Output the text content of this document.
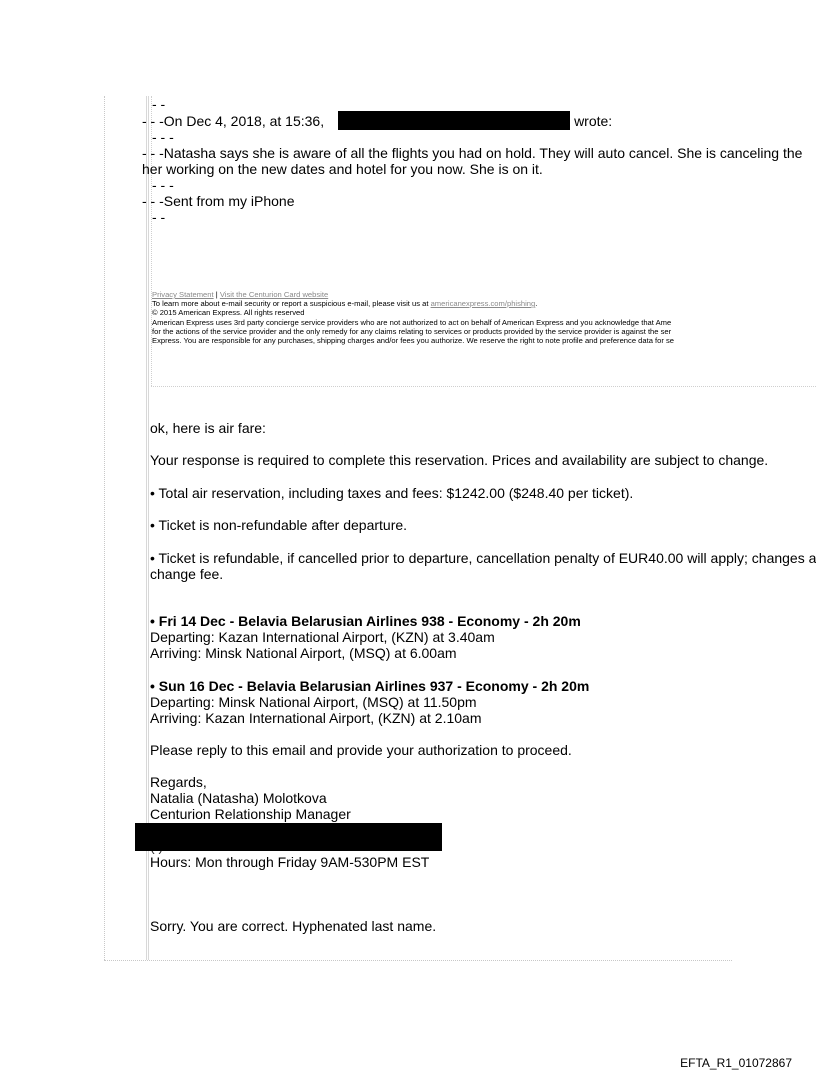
- -
- - -On Dec 4, 2018, at 15:36,	> wrote:
- - -
- - -Natasha says she is aware of all the flights you had on hold. They will auto cancel. She is canceling the
her working on the new dates and hotel for you now. She is on it.
- - -
- - -Sent from my iPhone
- -
Privacy Statement | Visit the Centurion Card website
To learn more about e-mail security or report a suspicious e-mail, please visit us at americanexpress.com/phishing.
© 2015 American Express. All rights reserved
American Express uses 3rd party concierge service providers who are not authorized to act on behalf of American Express and you acknowledge that Ame
for the actions of the service provider and the only remedy for any claims relating to services or products provided by the service provider is against the ser
Express. You are responsible for any purchases, shipping charges and/or fees you authorize. We reserve the right to note profile and preference data for se
ok, here is air fare:
Your response is required to complete this reservation. Prices and availability are subject to change.
• Total air reservation, including taxes and fees: $1242.00 ($248.40 per ticket).
• Ticket is non-refundable after departure.
• Ticket is refundable, if cancelled prior to departure, cancellation penalty of EUR40.00 will apply; changes a
change fee.
• Fri 14 Dec - Belavia Belarusian Airlines 938 - Economy - 2h 20m
Departing: Kazan International Airport, (KZN) at 3.40am
Arriving: Minsk National Airport, (MSQ) at 6.00am
• Sun 16 Dec - Belavia Belarusian Airlines 937 - Economy - 2h 20m
Departing: Minsk National Airport, (MSQ) at 11.50pm
Arriving: Kazan International Airport, (KZN) at 2.10am
Please reply to this email and provide your authorization to proceed.
Regards,
Natalia (Natasha) Molotkova
Centurion Relationship Manager
Hours: Mon through Friday 9AM-530PM EST
Sorry. You are correct. Hyphenated last name.
EFTA_R1_01072867
